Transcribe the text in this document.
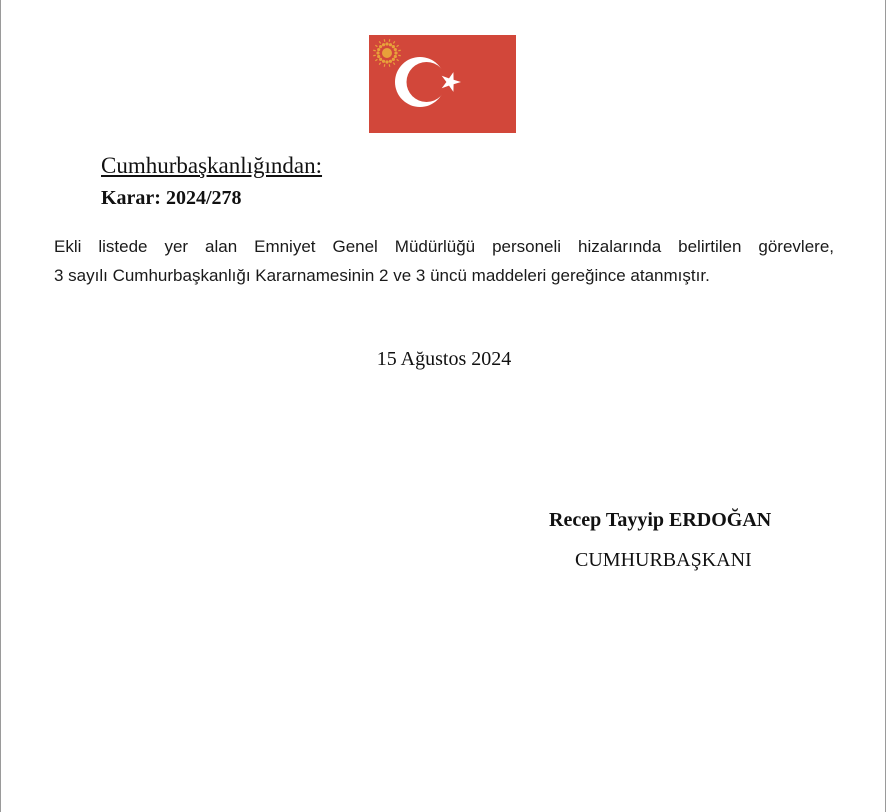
Cumhurbaşkanlığından:
Karar: 2024/278
Ekli listede yer alan Emniyet Genel Müdürlüğü personeli hizalarında belirtilen görevlere,
3 sayılı Cumhurbaşkanlığı Kararnamesinin 2 ve 3 üncü maddeleri gereğince atanmıştır.
15 Ağustos 2024
Recep Tayyip ERDOĞAN
CUMHURBAŞKANI
